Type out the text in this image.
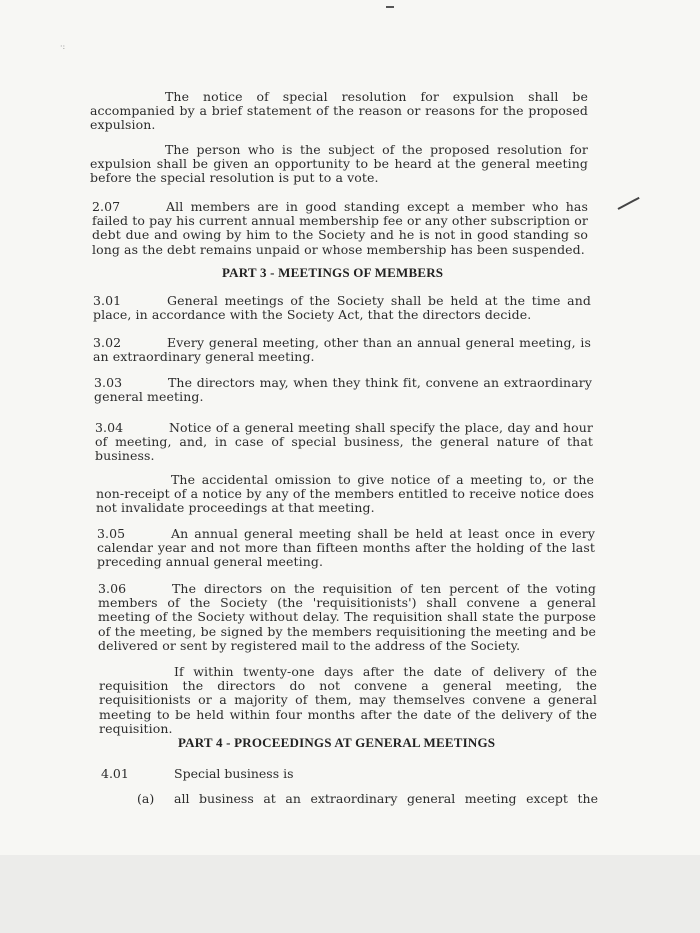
·:
The notice of special resolution for expulsion shall be accompanied by a brief statement of the reason or reasons for the proposed expulsion.
The person who is the subject of the proposed resolution for expulsion shall be given an opportunity to be heard at the general meeting before the special resolution is put to a vote.
2.07	All members are in good standing except a member who has failed to pay his current annual membership fee or any other subscription or debt due and owing by him to the Society and he is not in good standing so long as the debt remains unpaid or whose membership has been suspended.
PART 3 - MEETINGS OF MEMBERS
3.01	General meetings of the Society shall be held at the time and place, in accordance with the Society Act, that the directors decide.
3.02	Every general meeting, other than an annual general meeting, is an extraordinary general meeting.
3.03	The directors may, when they think fit, convene an extraordinary general meeting.
3.04	Notice of a general meeting shall specify the place, day and hour of meeting, and, in case of special business, the general nature of that business.
The accidental omission to give notice of a meeting to, or the non-receipt of a notice by any of the members entitled to receive notice does not invalidate proceedings at that meeting.
3.05	An annual general meeting shall be held at least once in every calendar year and not more than fifteen months after the holding of the last preceding annual general meeting.
3.06	The directors on the requisition of ten percent of the voting members of the Society (the 'requisitionists') shall convene a general meeting of the Society without delay. The requisition shall state the purpose of the meeting, be signed by the members requisitioning the meeting and be delivered or sent by registered mail to the address of the Society.
If within twenty-one days after the date of delivery of the requisition the directors do not convene a general meeting, the requisitionists or a majority of them, may themselves convene a general meeting to be held within four months after the date of the delivery of the requisition.
PART 4 - PROCEEDINGS AT GENERAL MEETINGS
4.01	Special business is
(a) all business at an extraordinary general meeting except the
